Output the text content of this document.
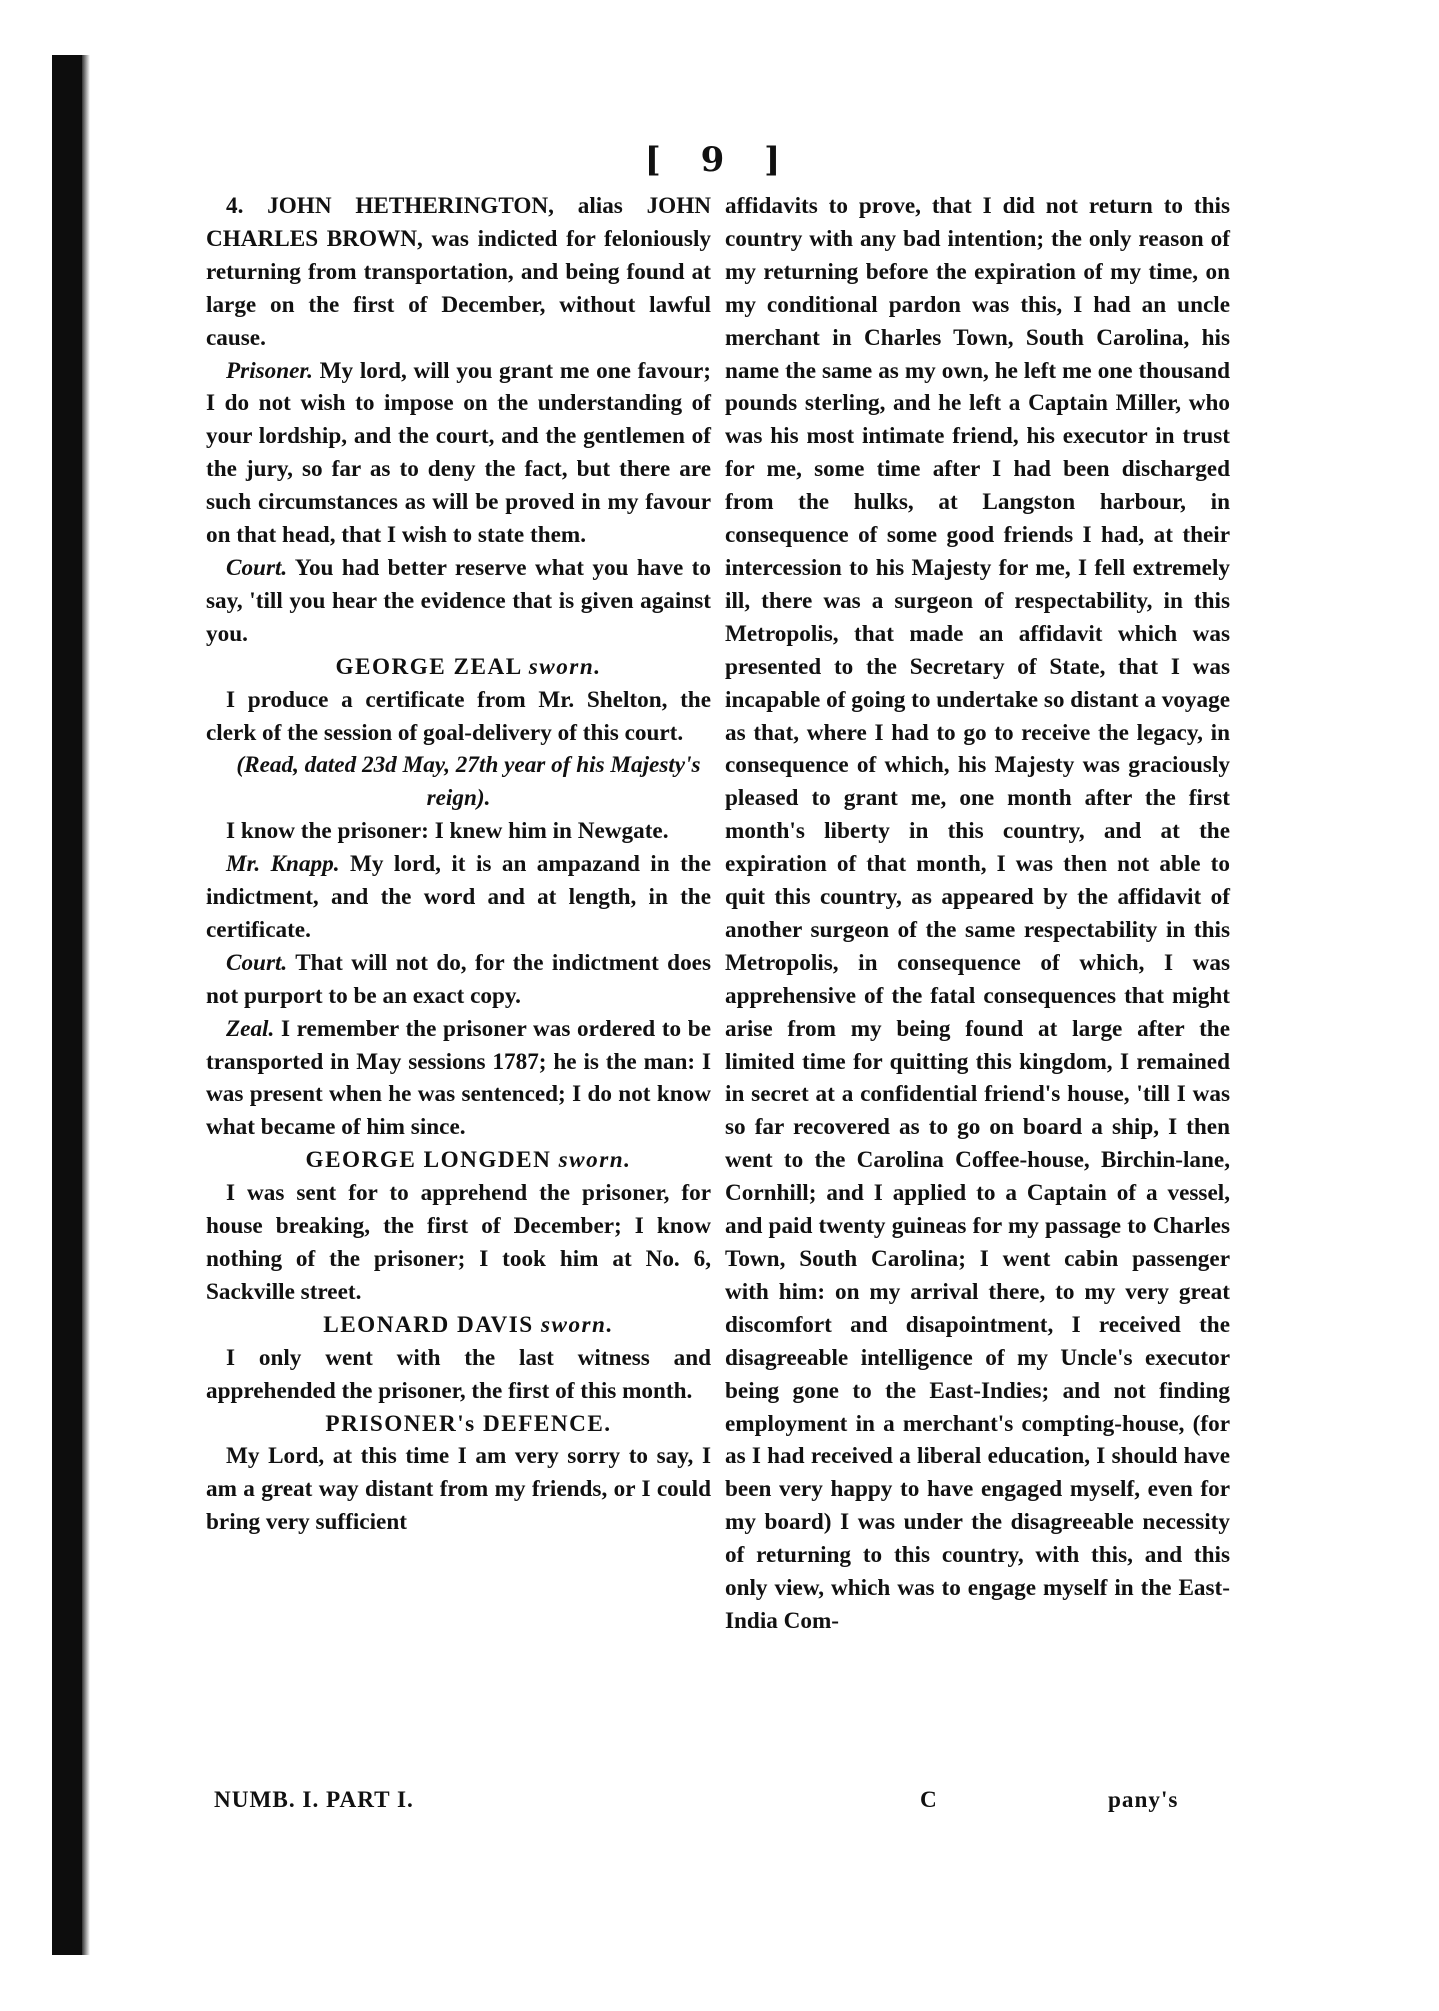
[ 9 ]

4. JOHN HETHERINGTON, alias JOHN CHARLES BROWN, was indicted for feloniously returning from transportation, and being found at large on the first of December, without lawful cause.

Prisoner. My lord, will you grant me one favour; I do not wish to impose on the understanding of your lordship, and the court, and the gentlemen of the jury, so far as to deny the fact, but there are such circumstances as will be proved in my favour on that head, that I wish to state them.

Court. You had better reserve what you have to say, 'till you hear the evidence that is given against you.

GEORGE ZEAL sworn.

I produce a certificate from Mr. Shelton, the clerk of the session of goal-delivery of this court.

(Read, dated 23d May, 27th year of his Majesty's reign).

I know the prisoner: I knew him in Newgate.

Mr. Knapp. My lord, it is an ampazand in the indictment, and the word and at length, in the certificate.

Court. That will not do, for the indictment does not purport to be an exact copy.

Zeal. I remember the prisoner was ordered to be transported in May sessions 1787; he is the man: I was present when he was sentenced; I do not know what became of him since.

GEORGE LONGDEN sworn.

I was sent for to apprehend the prisoner, for house breaking, the first of December; I know nothing of the prisoner; I took him at No. 6, Sackville street.

LEONARD DAVIS sworn.

I only went with the last witness and apprehended the prisoner, the first of this month.

PRISONER's DEFENCE.

My Lord, at this time I am very sorry to say, I am a great way distant from my friends, or I could bring very sufficient

affidavits to prove, that I did not return to this country with any bad intention; the only reason of my returning before the expiration of my time, on my conditional pardon was this, I had an uncle merchant in Charles Town, South Carolina, his name the same as my own, he left me one thousand pounds sterling, and he left a Captain Miller, who was his most intimate friend, his executor in trust for me, some time after I had been discharged from the hulks, at Langston harbour, in consequence of some good friends I had, at their intercession to his Majesty for me, I fell extremely ill, there was a surgeon of respectability, in this Metropolis, that made an affidavit which was presented to the Secretary of State, that I was incapable of going to undertake so distant a voyage as that, where I had to go to receive the legacy, in consequence of which, his Majesty was graciously pleased to grant me, one month after the first month's liberty in this country, and at the expiration of that month, I was then not able to quit this country, as appeared by the affidavit of another surgeon of the same respectability in this Metropolis, in consequence of which, I was apprehensive of the fatal consequences that might arise from my being found at large after the limited time for quitting this kingdom, I remained in secret at a confidential friend's house, 'till I was so far recovered as to go on board a ship, I then went to the Carolina Coffee-house, Birchin-lane, Cornhill; and I applied to a Captain of a vessel, and paid twenty guineas for my passage to Charles Town, South Carolina; I went cabin passenger with him: on my arrival there, to my very great discomfort and disapointment, I received the disagreeable intelligence of my Uncle's executor being gone to the East-Indies; and not finding employment in a merchant's compting-house, (for as I had received a liberal education, I should have been very happy to have engaged myself, even for my board) I was under the disagreeable necessity of returning to this country, with this, and this only view, which was to engage myself in the East-India Com-

NUMB. I. PART I.	C	pany's
